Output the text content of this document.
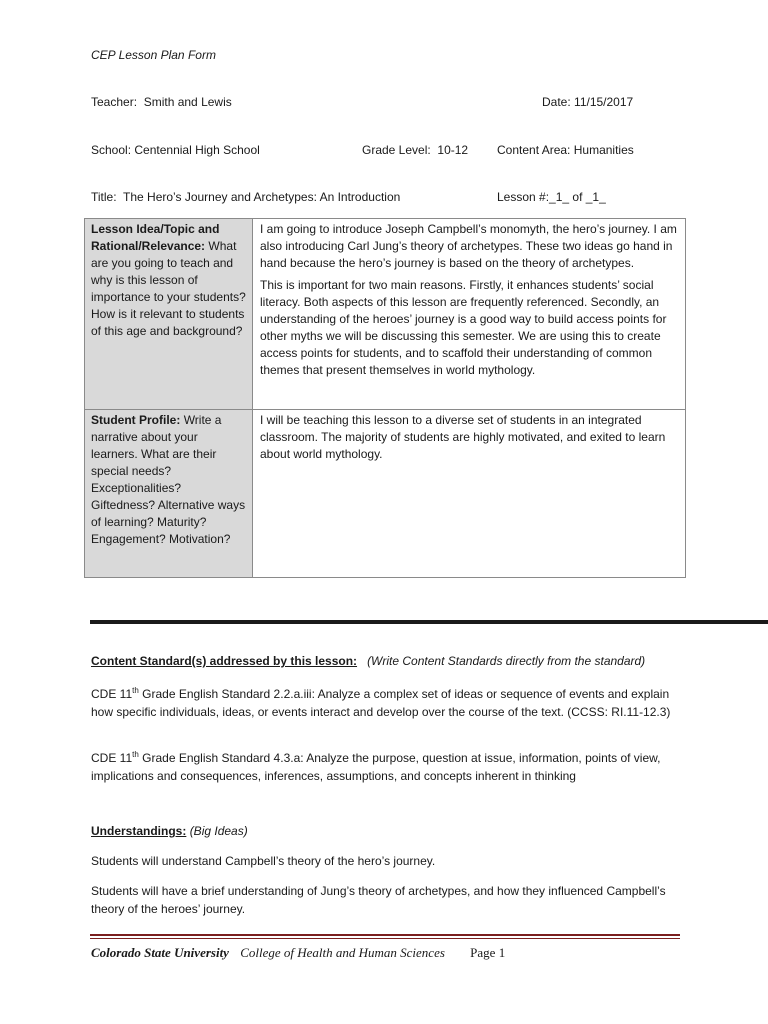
CEP Lesson Plan Form
Teacher: Smith and Lewis	Date: 11/15/2017
School: Centennial High School	Grade Level: 10-12 Content Area: Humanities
Title: The Hero’s Journey and Archetypes: An Introduction	Lesson #:_1_ of _1_
Lesson Idea/Topic and Rational/Relevance: What are you going to teach and why is this lesson of importance to your students? How is it relevant to students of this age and background?	I am going to introduce Joseph Campbell’s monomyth, the hero’s journey. I am also introducing Carl Jung’s theory of archetypes. These two ideas go hand in hand because the hero’s journey is based on the theory of archetypes.

This is important for two main reasons. Firstly, it enhances students’ social literacy. Both aspects of this lesson are frequently referenced. Secondly, an understanding of the heroes’ journey is a good way to build access points for other myths we will be discussing this semester. We are using this to create access points for students, and to scaffold their understanding of common themes that present themselves in world mythology.

Student Profile: Write a narrative about your learners. What are their special needs? Exceptionalities? Giftedness? Alternative ways of learning? Maturity? Engagement? Motivation?	I will be teaching this lesson to a diverse set of students in an integrated classroom. The majority of students are highly motivated, and exited to learn about world mythology.

Content Standard(s) addressed by this lesson: (Write Content Standards directly from the standard)
CDE 11th Grade English Standard 2.2.a.iii: Analyze a complex set of ideas or sequence of events and explain how specific individuals, ideas, or events interact and develop over the course of the text. (CCSS: RI.11-12.3)
CDE 11th Grade English Standard 4.3.a: Analyze the purpose, question at issue, information, points of view, implications and consequences, inferences, assumptions, and concepts inherent in thinking
Understandings: (Big Ideas)
Students will understand Campbell’s theory of the hero’s journey.
Students will have a brief understanding of Jung’s theory of archetypes, and how they influenced Campbell’s theory of the heroes’ journey.
Colorado State University College of Health and Human Sciences Page 1
